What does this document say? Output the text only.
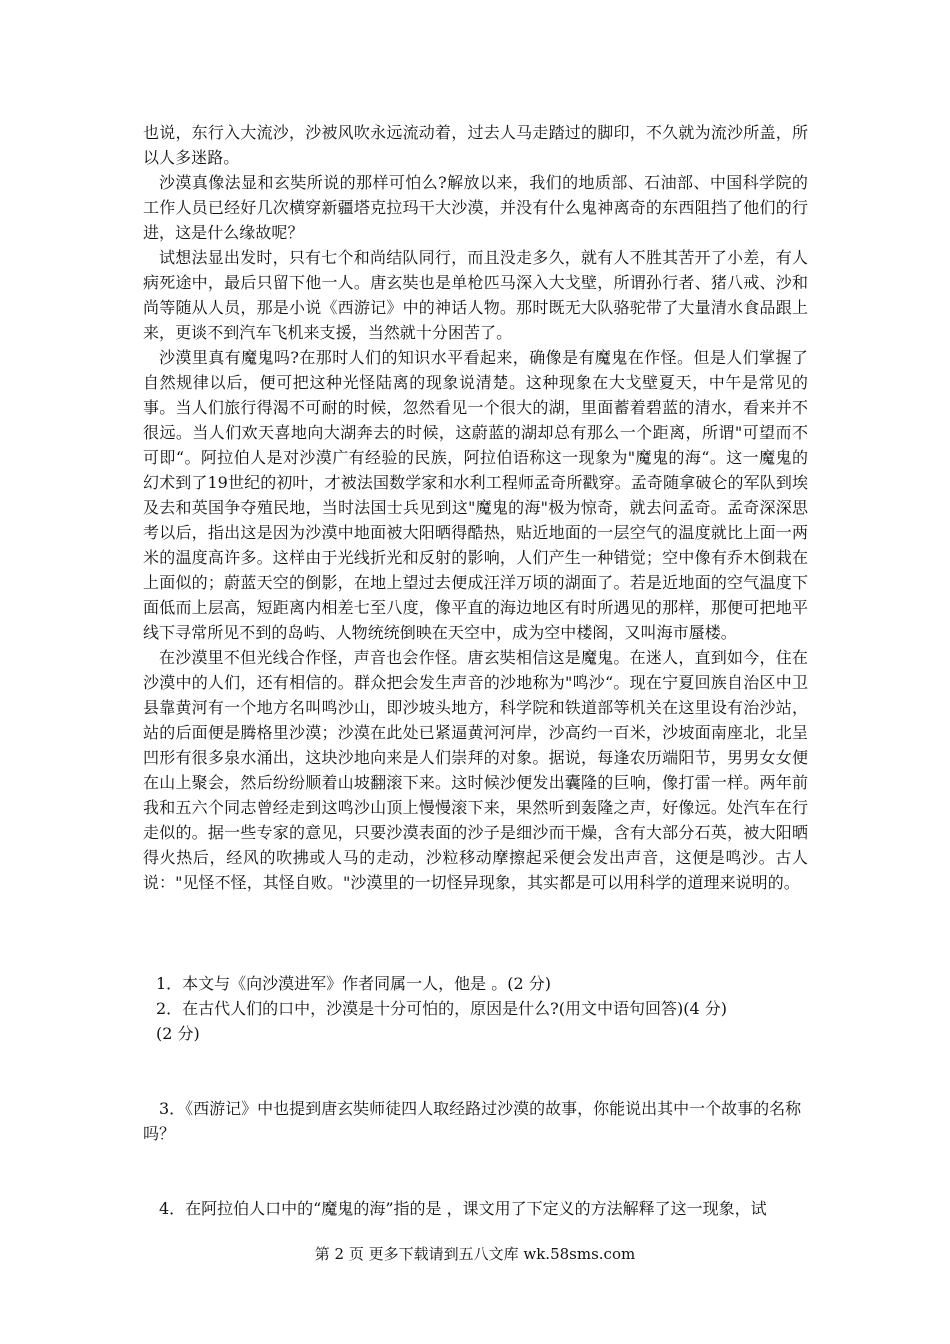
也说，东行入大流沙，沙被风吹永远流动着，过去人马走踏过的脚印，不久就为流沙所盖，所以人多迷路。

沙漠真像法显和玄奘所说的那样可怕么?解放以来，我们的地质部、石油部、中国科学院的工作人员已经好几次横穿新疆塔克拉玛干大沙漠，并没有什么鬼神离奇的东西阻挡了他们的行进，这是什么缘故呢？

试想法显出发时，只有七个和尚结队同行，而且没走多久，就有人不胜其苦开了小差，有人病死途中，最后只留下他一人。唐玄奘也是单枪匹马深入大戈壁，所谓孙行者、猪八戒、沙和尚等随从人员，那是小说《西游记》中的神话人物。那时既无大队骆驼带了大量清水食品跟上来，更谈不到汽车飞机来支援，当然就十分困苦了。

沙漠里真有魔鬼吗?在那时人们的知识水平看起来，确像是有魔鬼在作怪。但是人们掌握了自然规律以后，便可把这种光怪陆离的现象说清楚。这种现象在大戈壁夏天，中午是常见的事。当人们旅行得渴不可耐的时候，忽然看见一个很大的湖，里面蓄着碧蓝的清水，看来并不很远。当人们欢天喜地向大湖奔去的时候，这蔚蓝的湖却总有那么一个距离，所谓"可望而不可即“。阿拉伯人是对沙漠广有经验的民族，阿拉伯语称这一现象为"魔鬼的海“。这一魔鬼的幻术到了19世纪的初叶，才被法国数学家和水利工程师孟奇所戳穿。孟奇随拿破仑的军队到埃及去和英国争夺殖民地，当时法国士兵见到这"魔鬼的海"极为惊奇，就去问孟奇。孟奇深深思考以后，指出这是因为沙漠中地面被大阳晒得酷热，贴近地面的一层空气的温度就比上面一两米的温度高许多。这样由于光线折光和反射的影响，人们产生一种错觉；空中像有乔木倒栽在上面似的；蔚蓝天空的倒影，在地上望过去便成汪洋万顷的湖面了。若是近地面的空气温度下面低而上层高，短距离内相差七至八度，像平直的海边地区有时所遇见的那样，那便可把地平线下寻常所见不到的岛屿、人物统统倒映在天空中，成为空中楼阁，又叫海市蜃楼。

在沙漠里不但光线合作怪，声音也会作怪。唐玄奘相信这是魔鬼。在迷人，直到如今，住在沙漠中的人们，还有相信的。群众把会发生声音的沙地称为"鸣沙“。现在宁夏回族自治区中卫县靠黄河有一个地方名叫鸣沙山，即沙坡头地方，科学院和铁道部等机关在这里设有治沙站，站的后面便是腾格里沙漠；沙漠在此处已紧逼黄河河岸，沙高约一百米，沙坡面南座北，北呈凹形有很多泉水涌出，这块沙地向来是人们崇拜的对象。据说，每逢农历端阳节，男男女女便在山上聚会，然后纷纷顺着山坡翻滚下来。这时候沙便发出囊隆的巨响，像打雷一样。两年前我和五六个同志曾经走到这鸣沙山顶上慢慢滚下来，果然听到轰隆之声，好像远。处汽车在行走似的。据一些专家的意见，只要沙漠表面的沙子是细沙而干燥，含有大部分石英，被大阳晒得火热后，经风的吹拂或人马的走动，沙粒移动摩擦起采便会发出声音，这便是鸣沙。古人说："见怪不怪，其怪自败。"沙漠里的一切怪异现象，其实都是可以用科学的道理来说明的。

1．本文与《向沙漠进军》作者同属一人，他是 。(2 分)

2．在古代人们的口中，沙漠是十分可怕的，原因是什么?(用文中语句回答)(4 分)

(2 分)

3．《西游记》中也提到唐玄奘师徒四人取经路过沙漠的故事，你能说出其中一个故事的名称吗？

4．在阿拉伯人口中的“魔鬼的海”指的是 ，课文用了下定义的方法解释了这一现象，试

第 2 页 更多下载请到五八文库 wk.58sms.com
